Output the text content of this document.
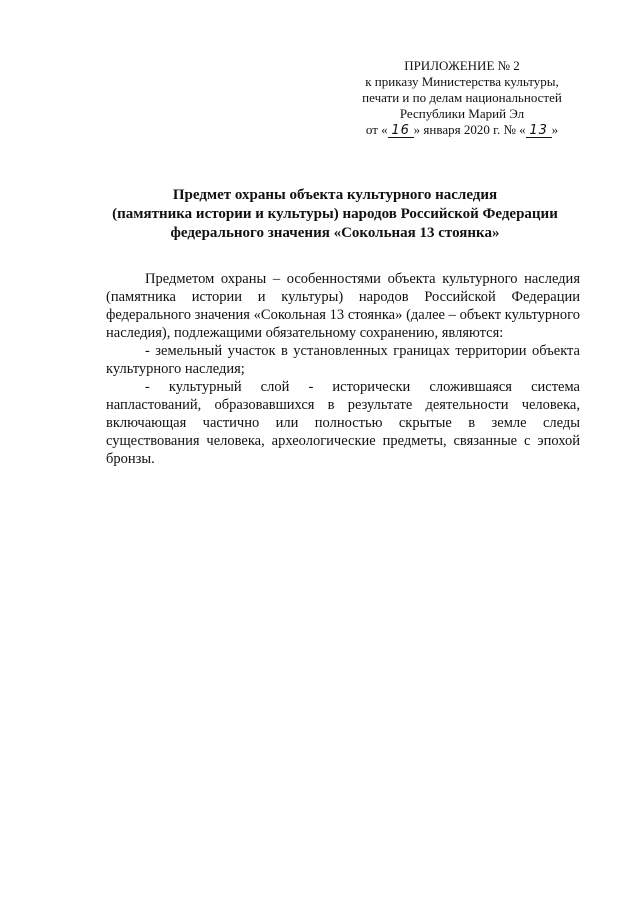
ПРИЛОЖЕНИЕ № 2
к приказу Министерства культуры,
печати и по делам национальностей
Республики Марий Эл
от « 16 » января 2020 г. № « 13 »
Предмет охраны объекта культурного наследия
(памятника истории и культуры) народов Российской Федерации
федерального значения «Сокольная 13 стоянка»

Предметом охраны – особенностями объекта культурного наследия (памятника истории и культуры) народов Российской Федерации федерального значения «Сокольная 13 стоянка» (далее – объект культурного наследия), подлежащими обязательному сохранению, являются:

- земельный участок в установленных границах территории объекта культурного наследия;

- культурный слой - исторически сложившаяся система напластований, образовавшихся в результате деятельности человека, включающая частично или полностью скрытые в земле следы существования человека, археологические предметы, связанные с эпохой бронзы.
